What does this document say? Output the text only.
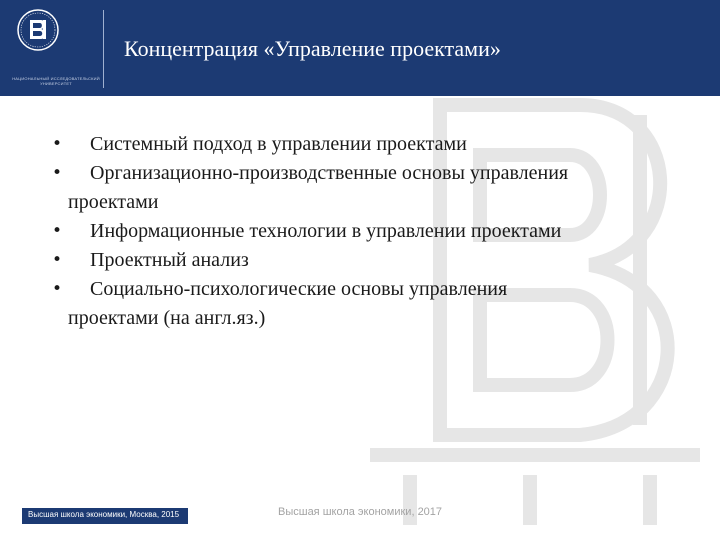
НАЦИОНАЛЬНЫЙ ИССЛЕДОВАТЕЛЬСКИЙ УНИВЕРСИТЕТ
Концентрация «Управление проектами»
• Системный подход в управлении проектами
• Организационно-производственные основы управления
проектами
• Информационные технологии в управлении проектами
• Проектный анализ
• Социально-психологические основы управления
проектами (на англ.яз.)
Высшая школа экономики, Москва, 2015	Высшая школа экономики, 2017
